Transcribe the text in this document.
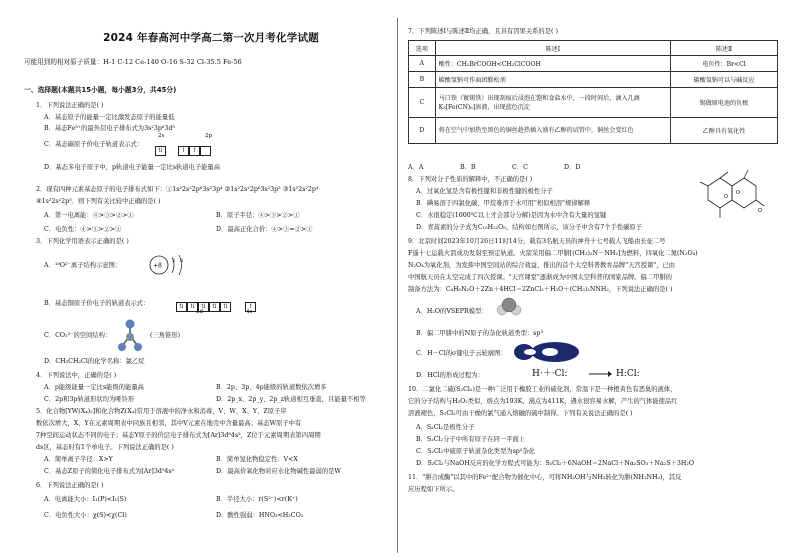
2024 年春高河中学高二第一次月考化学试题
可能用到的相对原子质量：H-1 C-12 Ce-140 O-16 S-32 Cl-35.5 Fe-56
一、选择题(本题共15小题，每小题3分，共45分)
1．下列说法正确的是( )
A．基态原子的能量一定比激发态原子的能量低
B．基态Fe³⁺的最外层电子排布式为3s²3p⁶3d⁵
C．基态碳原子价电子轨道表示式：
2s	2p
⇅	↑ ↑
D．基态多电子原子中，p轨道电子能量一定比s轨道电子能量高
2．现有四种元素基态原子的电子排布式如下：①1s²2s²2p⁶3s²3p⁴ ②1s²2s²2p⁶3s²3p³ ③1s²2s²2p³
④1s²2s²2p⁵．则下列有关比较中正确的是( )
A．第一电离能：④>③>②>①	B．原子半径：④>③>②>①
C．电负性：④>③>②>①	D．最高正化合价：④>③=②>①
3．下列化学用语表示正确的是( )
A．¹⁸O²⁻离子结构示意图：	+8
2 8
B．基态铜原子价电子的轨道表示式：	⇅ ⇅ ⇅ ⇅ ⇅	↑
3d	4s
C．CO₃²⁻的空间结构：	(三角锥形)
D．CH₃CH₂Cl的化学名称：氯乙烷
4．下列说法中，正确的是( )
A．p能级能量一定比s能级的能量高	B．2p、3p、4p能级的轨道数依次增多
C．2p和3p轨道形状均为哑铃形	D．2p_x、2p_y、2p_z轨道相互垂直，且能量不相等
5．化合物[YW(X₄)₂]和化合物Z(X₄)常用于溶液中的净水和消毒，V、W、X、Y、Z原子序
数依次增大，X、Y在元素周期表中同族且相邻，其中V元素在地壳中含量最高；基态W原子中有
7种空间运动状态不同的电子；基态Y原子的价层电子排布式为[Ar]3d⁶4s²，Z位于元素周期表第四周期
ds区，基态时有1个单电子。下列说法正确的是( )
A．简单离子半径：X>Y	B．简单氢化物稳定性：V<X
C．基态Z原子的简化电子排布式为[Ar]3d⁹4s²	D．最高价氧化物对应水化物碱性最弱的是W
6．下列说法正确的是( )
A．电离能大小：I₁(P)<I₁(S)	B．半径大小：r(S²⁻)<r(K⁺)
C．电负性大小：χ(S)<χ(Cl)	D．酸性强弱：HNO₃<H₂CO₃
7．下列陈述Ⅰ与陈述Ⅱ均正确，且具有因果关系的是( )
选项	陈述Ⅰ	陈述Ⅱ
A	酸性：CH₂BrCOOH<CH₂ClCOOH	电负性：Br<Cl
B	碳酸氢钠可作面团膨松剂	碳酸氢钠可以与碱反应
C	马口铁（镀锡铁）出现刮痕后浸泡在饱和食盐水中，一段时间后，滴入几滴K₃[Fe(CN)₆]溶液，出现蓝色沉淀	锡做原电池的负极
D	将在空气中加热至黑色的铜丝趁热插入盛有乙醇的试管中，铜丝会变红色	乙醇具有氧化性
A．A	B．B	C．C	D．D
8．下列对分子性质的解释中，不正确的是( )
A．过氧化氢是含有极性键和非极性键的极性分子
B．碘易溶于四氯化碳、甲烷难溶于水可用"相似相溶"规律解释
C．水很稳定(1000℃以上才会部分分解)是因为水中含有大量的氢键
D．青蒿素的分子式为C₁₅H₂₂O₅，结构如右图所示，该分子中含有7个手性碳原子
O
O
O
9．北京时间2023年10月26日11时14分，载有3名航天员的神舟十七号载人飞船由长征二号
F遥十七运载火箭成功发射至预定轨道。火箭采用偏二甲肼[(CH₃)₂N－NH₂]为燃料，四氧化二氮(N₂O₄)
N₂O₄为氧化剂，为发挥中国空间站的综合效益，推出的首个太空科普教育品牌"天宫授课"，已由
中国航天员在太空完成了四次授课。"天宫课堂"逐渐成为中国太空科普的国家品牌。偏二甲肼的
制备方法为：C₆H₅N₂O＋2Zn＋4HCl＝2ZnCl₂＋H₂O＋(CH₃)₂NNH₂，下列说法正确的是( )
A．H₂O的VSEPR模型：
B．偏二甲肼中的N原子的杂化轨道类型：sp³
C．H－Cl的σ键电子云轮廓图：
D．HCl的形成过程为：	H·＋·Cl:	H:Cl:
10．二氯化二硫(S₂Cl₂)是一种广泛用于橡胶工业的硫化剂，常温下是一种橙黄色有恶臭的液体，
它的分子结构与H₂O₂类似，熔点为193K，沸点为411K，遇水很容易水解，产生的气体能使品红
溶液褪色，S₂Cl₂可由干燥的氯气通入熔融的硫中制得。下列有关说法正确的是( )
A．S₂Cl₂是极性分子
B．S₂Cl₂分子中所有原子在同一平面上
C．S₂Cl₂中硫原子轨道杂化类型为sp²杂化
D．S₂Cl₂与NaOH反应的化学方程式可能为：S₂Cl₂＋6NaOH＝2NaCl＋Na₂SO₃＋Na₂S＋3H₂O
11．"肼合成酶"以其中的Fe²⁺配合物为催化中心，可将NH₂OH与NH₃转化为肼(NH₂NH₂)，其反
应历程如下所示。
